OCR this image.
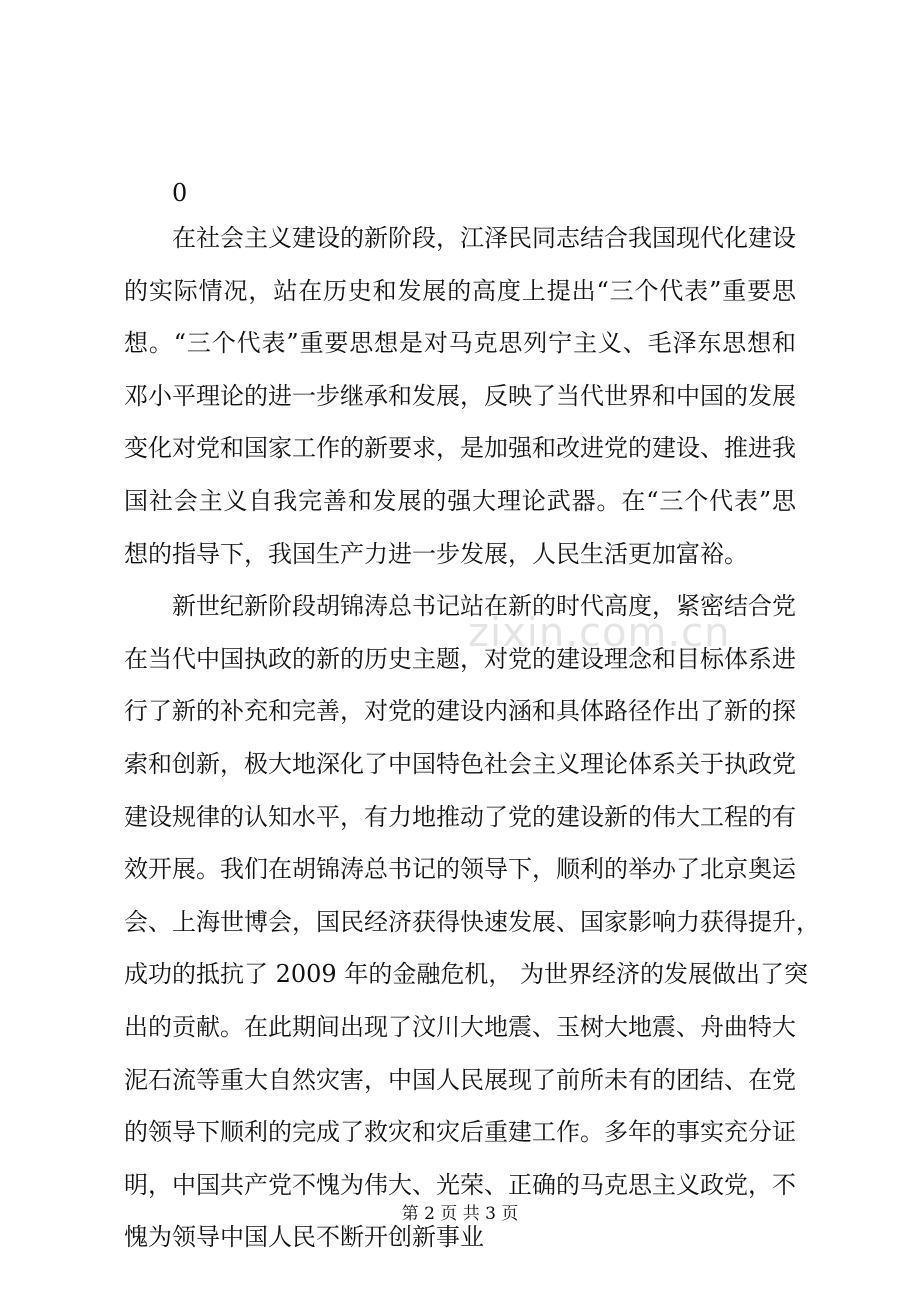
zixin.com.cn
0
在社会主义建设的新阶段，江泽民同志结合我国现代化建设
的实际情况，站在历史和发展的高度上提出“三个代表”重要思
想。“三个代表”重要思想是对马克思列宁主义、毛泽东思想和
邓小平理论的进一步继承和发展，反映了当代世界和中国的发展
变化对党和国家工作的新要求，是加强和改进党的建设、推进我
国社会主义自我完善和发展的强大理论武器。在“三个代表”思
想的指导下，我国生产力进一步发展，人民生活更加富裕。
新世纪新阶段胡锦涛总书记站在新的时代高度，紧密结合党
在当代中国执政的新的历史主题，对党的建设理念和目标体系进
行了新的补充和完善，对党的建设内涵和具体路径作出了新的探
索和创新，极大地深化了中国特色社会主义理论体系关于执政党
建设规律的认知水平，有力地推动了党的建设新的伟大工程的有
效开展。我们在胡锦涛总书记的领导下，顺利的举办了北京奥运
会、上海世博会，国民经济获得快速发展、国家影响力获得提升，
成功的抵抗了 2009 年的金融危机， 为世界经济的发展做出了突
出的贡献。在此期间出现了汶川大地震、玉树大地震、舟曲特大
泥石流等重大自然灾害，中国人民展现了前所未有的团结、在党
的领导下顺利的完成了救灾和灾后重建工作。多年的事实充分证
明，中国共产党不愧为伟大、光荣、正确的马克思主义政党，不
愧为领导中国人民不断开创新事业
第 2 页 共 3 页
